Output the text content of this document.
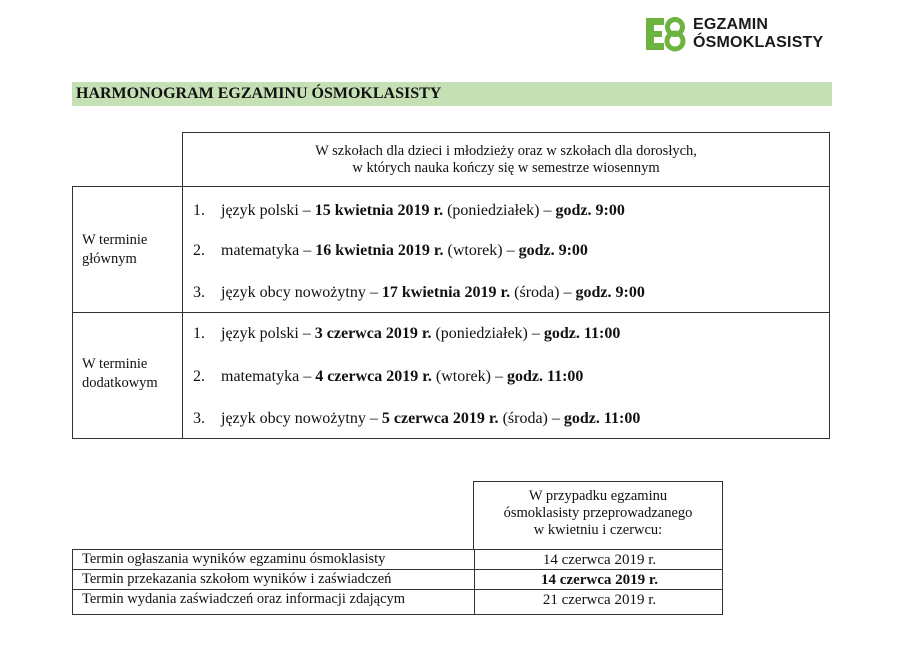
EGZAMIN
ÓSMOKLASISTY
HARMONOGRAM EGZAMINU ÓSMOKLASISTY
W szkołach dla dzieci i młodzieży oraz w szkołach dla dorosłych,
w których nauka kończy się w semestrze wiosennym
W terminie
głównym
1. język polski – 15 kwietnia 2019 r. (poniedziałek) – godz. 9:00
2. matematyka – 16 kwietnia 2019 r. (wtorek) – godz. 9:00
3. język obcy nowożytny – 17 kwietnia 2019 r. (środa) – godz. 9:00
W terminie
dodatkowym
1. język polski – 3 czerwca 2019 r. (poniedziałek) – godz. 11:00
2. matematyka – 4 czerwca 2019 r. (wtorek) – godz. 11:00
3. język obcy nowożytny – 5 czerwca 2019 r. (środa) – godz. 11:00
W przypadku egzaminu
ósmoklasisty przeprowadzanego
w kwietniu i czerwcu:
Termin ogłaszania wyników egzaminu ósmoklasisty	14 czerwca 2019 r.
Termin przekazania szkołom wyników i zaświadczeń	14 czerwca 2019 r.
Termin wydania zaświadczeń oraz informacji zdającym	21 czerwca 2019 r.
